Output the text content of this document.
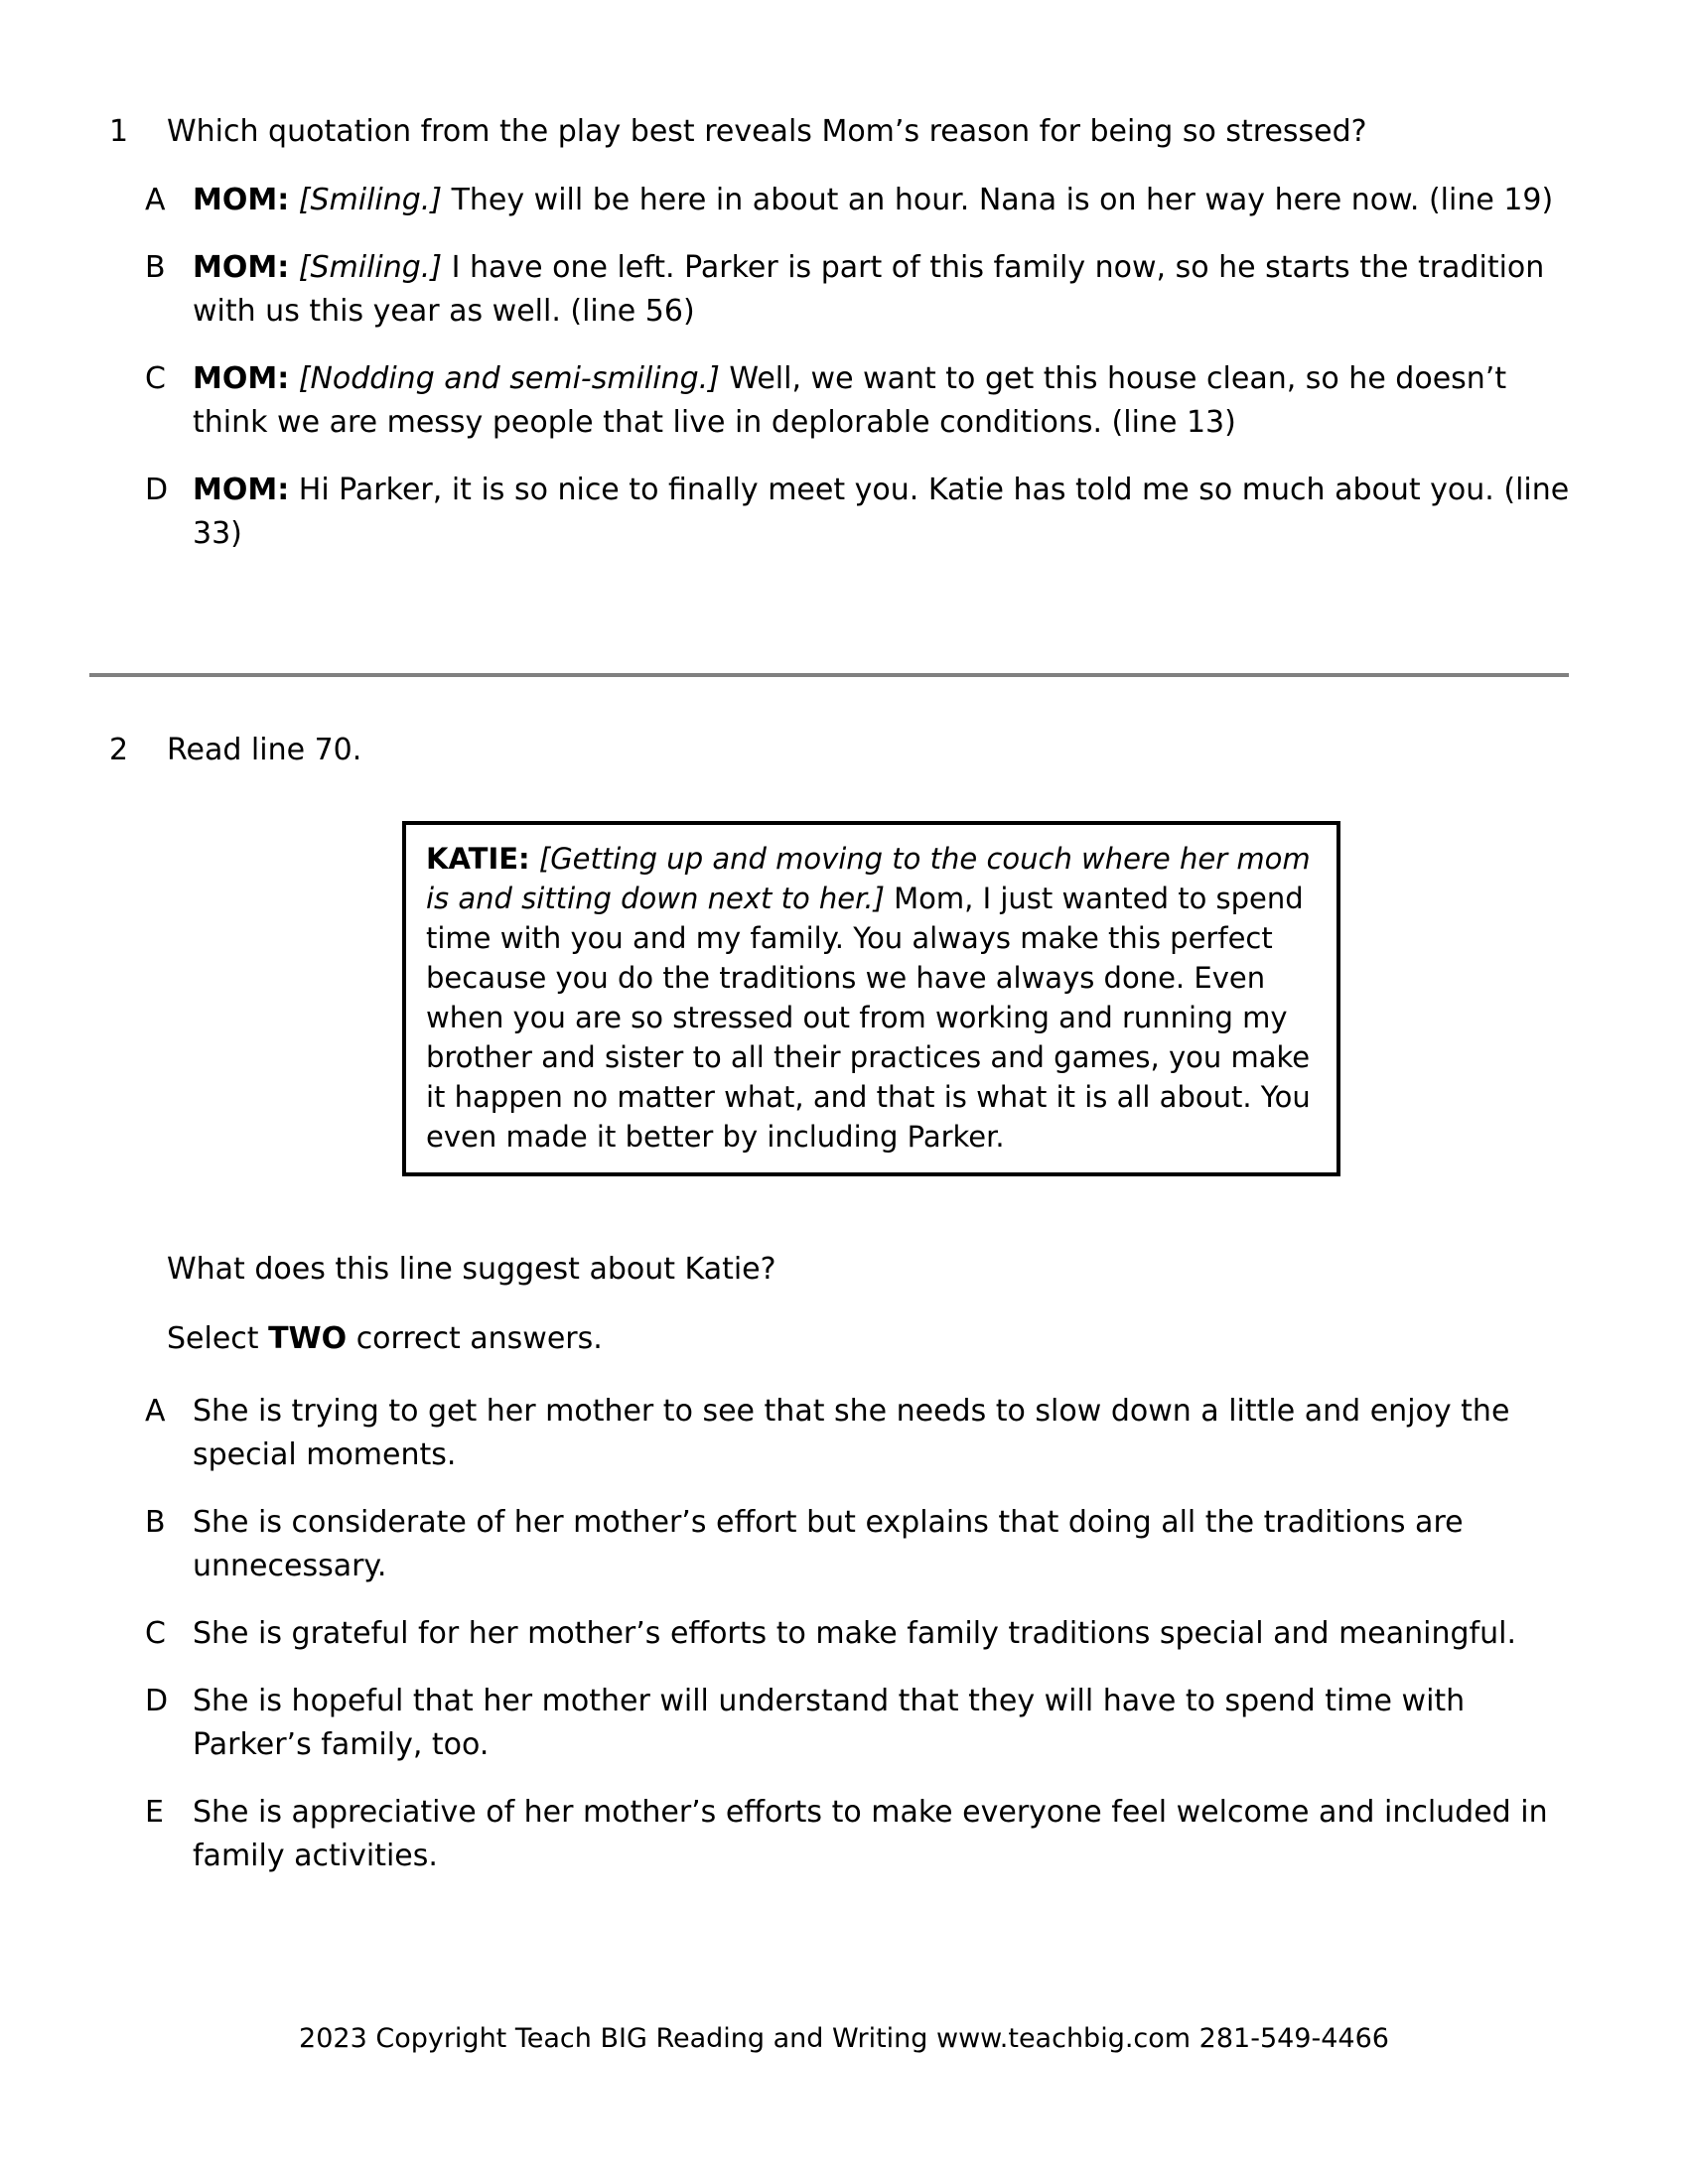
1	Which quotation from the play best reveals Mom’s reason for being so stressed?
A MOM: [Smiling.] They will be here in about an hour. Nana is on her way here now. (line 19)
B MOM: [Smiling.] I have one left. Parker is part of this family now, so he starts the tradition with us this year as well. (line 56)
C MOM: [Nodding and semi-smiling.] Well, we want to get this house clean, so he doesn’t think we are messy people that live in deplorable conditions. (line 13)
D MOM: Hi Parker, it is so nice to finally meet you. Katie has told me so much about you. (line 33)
2	Read line 70.
KATIE: [Getting up and moving to the couch where her mom is and sitting down next to her.] Mom, I just wanted to spend time with you and my family. You always make this perfect because you do the traditions we have always done. Even when you are so stressed out from working and running my brother and sister to all their practices and games, you make it happen no matter what, and that is what it is all about. You even made it better by including Parker.
What does this line suggest about Katie?
Select TWO correct answers.
A She is trying to get her mother to see that she needs to slow down a little and enjoy the special moments.
B She is considerate of her mother’s effort but explains that doing all the traditions are unnecessary.
C She is grateful for her mother’s efforts to make family traditions special and meaningful.
D She is hopeful that her mother will understand that they will have to spend time with Parker’s family, too.
E She is appreciative of her mother’s efforts to make everyone feel welcome and included in family activities.
2023 Copyright Teach BIG Reading and Writing www.teachbig.com 281-549-4466
